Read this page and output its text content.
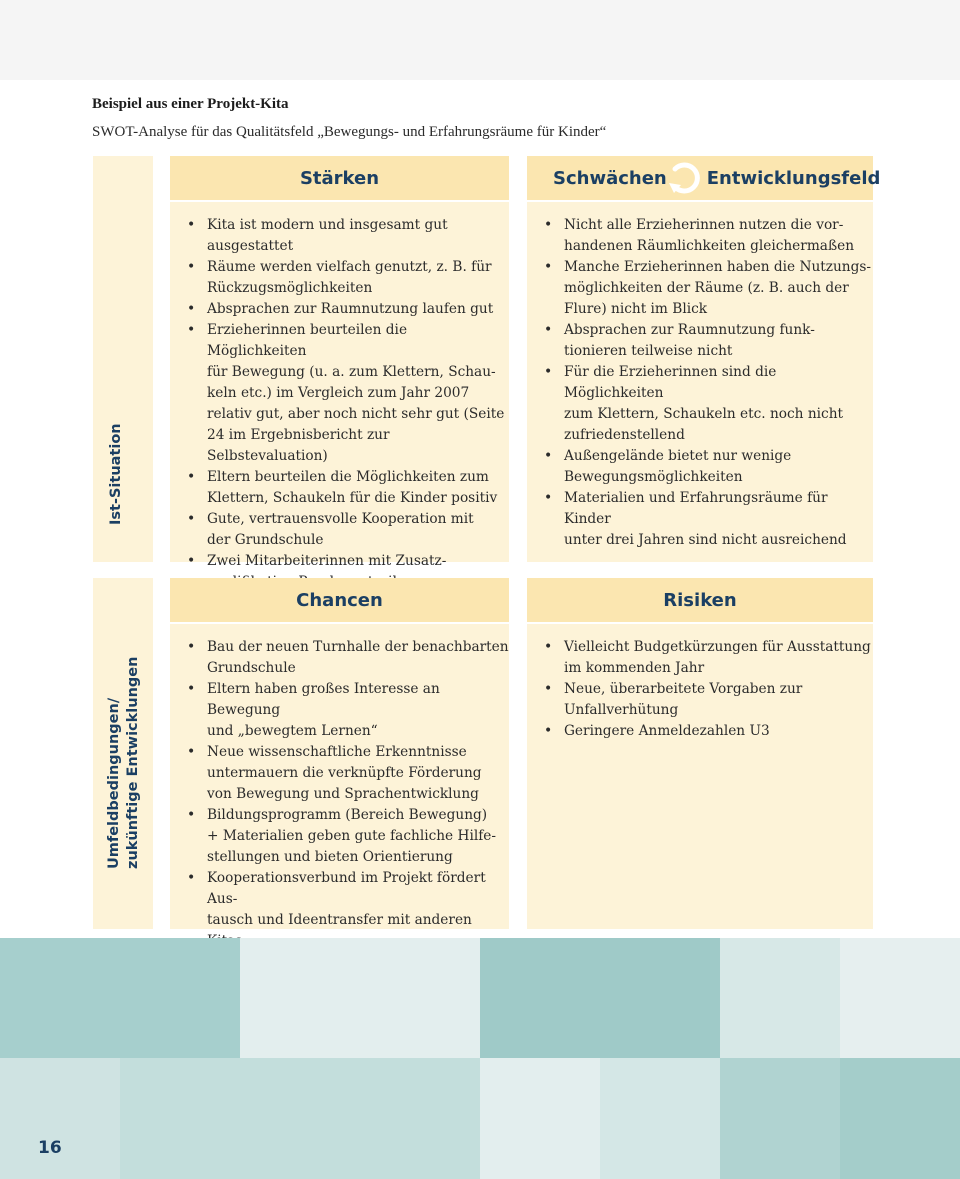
Beispiel aus einer Projekt-Kita
SWOT-Analyse für das Qualitätsfeld „Bewegungs- und Erfahrungsräume für Kinder“
Ist-Situation
Stärken
• Kita ist modern und insgesamt gut
ausgestattet
• Räume werden vielfach genutzt, z. B. für
Rückzugsmöglichkeiten
• Absprachen zur Raumnutzung laufen gut
• Erzieherinnen beurteilen die Möglichkeiten
für Bewegung (u. a. zum Klettern, Schau-
keln etc.) im Vergleich zum Jahr 2007
relativ gut, aber noch nicht sehr gut (Seite
24 im Ergebnisbericht zur Selbstevaluation)
• Eltern beurteilen die Möglichkeiten zum
Klettern, Schaukeln für die Kinder positiv
• Gute, vertrauensvolle Kooperation mit
der Grundschule
• Zwei Mitarbeiterinnen mit Zusatz-

Schwächen Entwicklungsfeld
• Nicht alle Erzieherinnen nutzen die vor-
handenen Räumlichkeiten gleichermaßen
• Manche Erzieherinnen haben die Nutzungs-
möglichkeiten der Räume (z. B. auch der
Flure) nicht im Blick
• Absprachen zur Raumnutzung funk-
tionieren teilweise nicht
• Für die Erzieherinnen sind die Möglichkeiten
zum Klettern, Schaukeln etc. noch nicht
zufriedenstellend
• Außengelände bietet nur wenige
Bewegungsmöglichkeiten
• Materialien und Erfahrungsräume für Kinder
unter drei Jahren sind nicht ausreichend
Umfeldbedingungen/ zukünftige Entwicklungen
Chancen
• Bau der neuen Turnhalle der benachbarten
Grundschule
• Eltern haben großes Interesse an Bewegung
und „bewegtem Lernen“
• Neue wissenschaftliche Erkenntnisse
untermauern die verknüpfte Förderung
von Bewegung und Sprachentwicklung
• Bildungsprogramm (Bereich Bewegung)
+ Materialien geben gute fachliche Hilfe-
stellungen und bieten Orientierung
• Kooperationsverbund im Projekt fördert Aus-
tausch und Ideentransfer mit anderen
•
Risiken
• Vielleicht Budgetkürzungen für Ausstattung
im kommenden Jahr
• Neue, überarbeitete Vorgaben zur
Unfallverhütung
• Geringere Anmeldezahlen U3
16
